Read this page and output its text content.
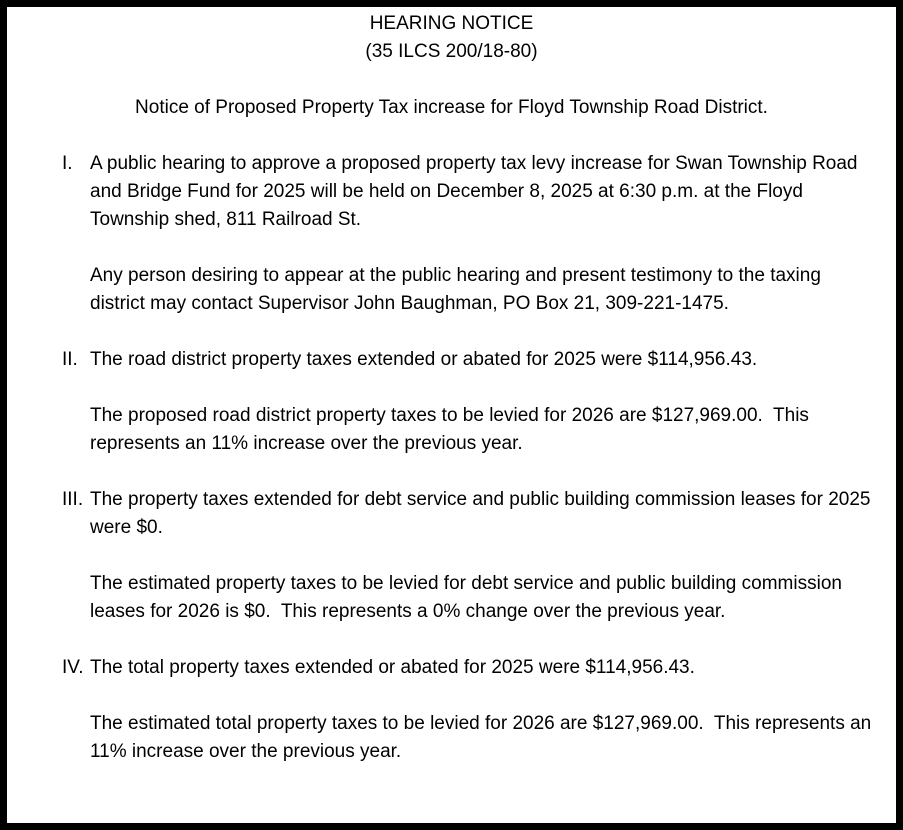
HEARING NOTICE
(35 ILCS 200/18-80)
Notice of Proposed Property Tax increase for Floyd Township Road District.
I. A public hearing to approve a proposed property tax levy increase for Swan Township Road and Bridge Fund for 2025 will be held on December 8, 2025 at 6:30 p.m. at the Floyd Township shed, 811 Railroad St.

Any person desiring to appear at the public hearing and present testimony to the taxing district may contact Supervisor John Baughman, PO Box 21, 309-221-1475.

II. The road district property taxes extended or abated for 2025 were $114,956.43.

The proposed road district property taxes to be levied for 2026 are $127,969.00.  This represents an 11% increase over the previous year.

III. The property taxes extended for debt service and public building commission leases for 2025 were $0.

The estimated property taxes to be levied for debt service and public building commission leases for 2026 is $0.  This represents a 0% change over the previous year.

IV. The total property taxes extended or abated for 2025 were $114,956.43.

The estimated total property taxes to be levied for 2026 are $127,969.00.  This represents an 11% increase over the previous year.
